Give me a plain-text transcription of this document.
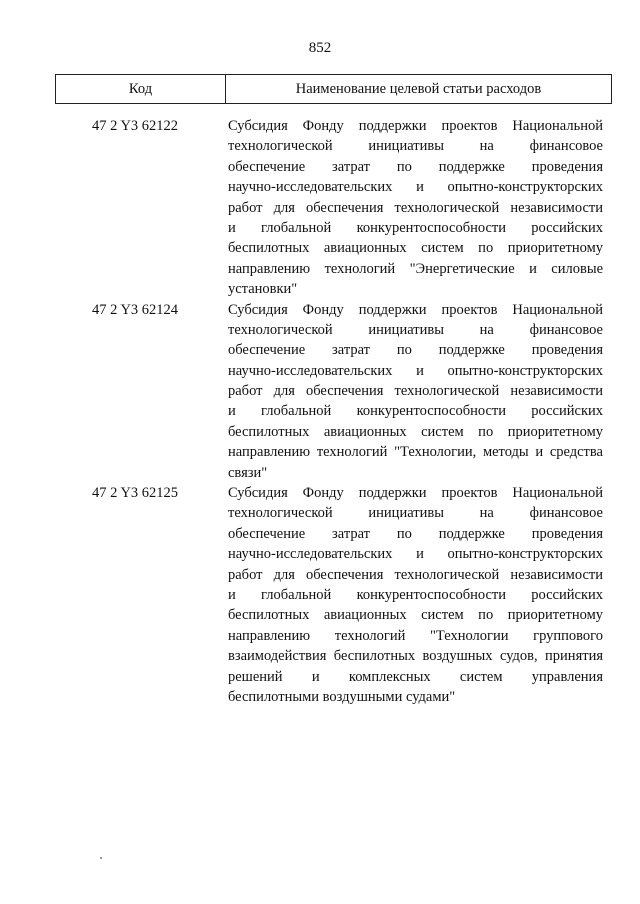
852
Код	Наименование целевой статьи расходов
47 2 Y3 62122	Субсидия Фонду поддержки проектов Национальной
технологической инициативы на финансовое
обеспечение затрат по поддержке проведения
научно-исследовательских и опытно-конструкторских
работ для обеспечения технологической независимости
и глобальной конкурентоспособности российских
беспилотных авиационных систем по приоритетному
направлению технологий "Энергетические и силовые
установки"
47 2 Y3 62124	Субсидия Фонду поддержки проектов Национальной
технологической инициативы на финансовое
обеспечение затрат по поддержке проведения
научно-исследовательских и опытно-конструкторских
работ для обеспечения технологической независимости
и глобальной конкурентоспособности российских
беспилотных авиационных систем по приоритетному
направлению технологий "Технологии, методы и средства
связи"
47 2 Y3 62125	Субсидия Фонду поддержки проектов Национальной
технологической инициативы на финансовое
обеспечение затрат по поддержке проведения
научно-исследовательских и опытно-конструкторских
работ для обеспечения технологической независимости
и глобальной конкурентоспособности российских
беспилотных авиационных систем по приоритетному
направлению технологий "Технологии группового
взаимодействия беспилотных воздушных судов, принятия
решений и комплексных систем управления
беспилотными воздушными судами"
